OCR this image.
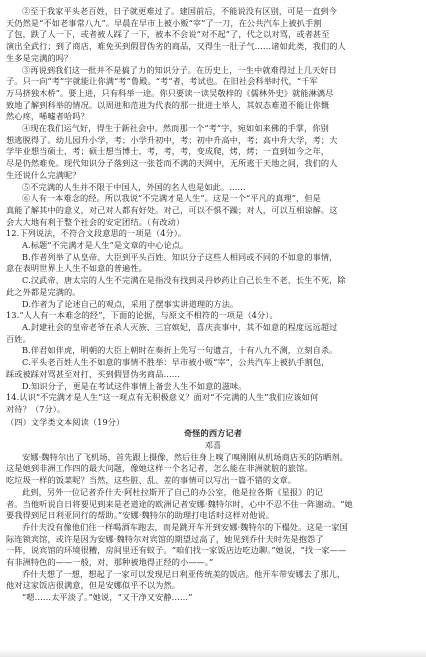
②至于我家平头老百姓，日子就更难过了。建国前后，不能说没有区别，可是一直到今
天仍然是“不如老事常八九”。早晨在早市上被小贩“宰”了一刀，在公共汽车上被扒手割
了包，跌了人一下，或者被人踩了一下，被本不会说“对不起”了，代之以对骂，或者甚至
演出全武行；到了商店，难免买到假冒伪劣的商品，又得生一肚子气……诸如此类，我们的人
生多是完满的吗？
③再说到我们这一批并不是搞了力的知识分子。在历史上，一生中就难得过上几天好日
子。只一向“考”字就能让你满“考”鲁殿。“考”者，考试也。在旧社会科举时代，“千军
万马挤独木桥”。要上进，只有科举一途。你只要读一读吴敬梓的《儒林外史》就能淋漓尽
致地了解到科举的情况。以周进和范进为代表的那一批进士举人，其奴态难道不能让你慨
然心疼，唏嘘者哈吗？
④现在我们运气好，得生于新社会中。然而那一个“考”字，宛如如来佛的手掌，你别
想逃脱得了。幼儿园升小学，考；小学升初中，考；初中升高中，考；高中升大学，考；大
学毕业想当硕士，考；硕士想当博士，考，考，考，变成爬，烤，烤；一直到如今之年，
尽是仍然难免。现代知识分子落到这一张苍而不满的天网中，无所逃于天地之间，我们的人
生还说什么完满呢？
⑤不完满的人生并不限于中国人，外国的名人也是如此。……
⑥人有一本难念的经。所以我说“不完满才是人生”。这是一个“平凡的真理”，但是
真能了解其中的意义，对己对人都有好处。对己，可以不惧不躁；对人，可以互相谅解。这
会大大地有利于整个社会的安定团结。（有改动）
12.下列说法，不符合文段意思的一项是（4分）。
A.标题“不完满才是人生”是文章的中心论点。
B.作者列举了从皇帝、大臣到平头百姓、知识分子这些人相同或不同的不如意的事情，
意在表明世界上人生不如意的普遍性。
C.汉武帝、唐太宗的人生不完满在是指没有找到灵丹妙药让自己长生不老、长生不死，除
此之外都是完满的。
D.作者为了论述自己的观点，采用了摆事实讲道理的方法。
13.“人人有一本难念的经”，下面的论据，与原文不相符的一项是（4分）。
A.封建社会的皇帝老爷在杀人灭族、三宫嫔妃，喜庆丧事中，其不如意的程度远远超过
百姓。
B.伴君如伴虎，明朝的大臣上朝时在奏折上先写一句遗言，十有八九不测，立刻自杀。
C.平头老百姓人生不如意的事情不胜举：早市被小贩“宰”，公共汽车上被扒手割包，
踩或被踩对骂甚至对打，买到假冒伪劣商品……
D.知识分子，更是在考试这件事情上备尝人生不如意的滋味。
14.认识“不完满才是人生”这一观点有无积极意义？面对“不完满的人生”我们应该如何
对待？（7分）。
（四）文学类文本阅读（19分）
奇怪的西方记者
邓喜
安娜·魏特尔出了飞机场，首先跟上摄像，然后往身上嗅了嗅刚刚从机场商店买的防晒剂。
这是她到非洲工作四的最大问题，像她这样一个名记者，怎么能在非洲就脏的旅馆。
吃垃圾一样的饭菜呢？当然，这些脏、乱、差的事情可以写出一篇不错的文章。
此到，另外一位记者乔什夫·阿杜拉斯开了自己的办公室，他是拉各斯《星报》的记
者。当他听说自日将要见到来是老道途的欧洲记者安娜·魏特尔时，心中不忍不住一阵谢动。“她
要我得到尼日利亚同行的帮助。”安娜·魏特尔的助理打电话时这样对他说。
乔什夫没有像他们往一样喝酒车跑去，而是跳开车开到安娜·魏特尔的下榻处。这是一家国
际连锁宾馆，或许是因为安娜·魏特尔对宾馆的期望过高了，她见到乔什夫时先是抱怨了
一阵，说宾馆的环境很糟，房间里还有蚊子。“咱们找一家饭店边吃边聊。”她说，“找一家——
有非洲特色的——一般，对，那种被地得正经的小——。”
乔什夫想了一想，想起了一家可以发现尼日利亚传统美的饭店。他开车带安娜去了那儿，
他对这家饭店很满意，但是安娜似乎不以为然。
“嗯……太平淡了。”她说，“又干净又安静……”
